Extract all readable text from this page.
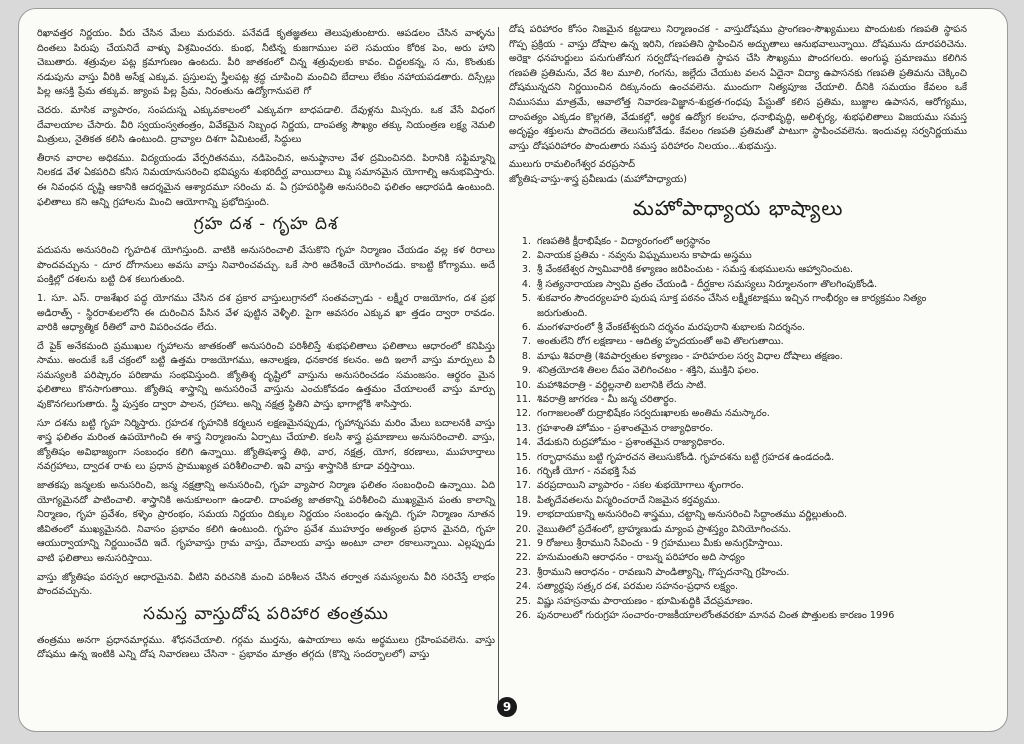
రిఖావత్తర నిర్ణయం. వీరు చేసిన మేలు మరువరు. పనేవడే కృతజ్ఞతలు తెలుపుతుంటారు. ఆపడలం చేసిన వాళ్ళను దింతలు పిరుపు చేయనిదే వాళ్ళు విశ్రమించరు. కుంభ, నీటిన్న కుజగాముల పలె సమయం కోరిక పెం, అరు హాని చెబుతారు. శత్రువుల పట్ల క్రమాగుణం ఉంటదు. పీరి జాతకంలో చిన్న శత్రువులకు కావం. చిద్దలకన్న, స ను, కొంతుకు నడుపును వాస్తు వీరికి అసేక్ష ఎక్కువ. ప్రస్తులప్ప స్త్రీలపట్ల శ్రద్ధ చూపించి మంచిచి బేదాలు లేకుం నహాయపడతారు. దిస్సేల్లు పిల్ల ఆసక్తి ప్రేమ తక్కువ. జ్యాంప పిల్ల ప్రేమ, నిరంతును ఉద్యోగానుపలె గో

చెదరు. మాసిక వ్యాపారం, సంపదుస్న ఎక్కువకాలంలో ఎక్కువగా బాధపడాలి. దేవుళ్లను మిస్సరు. ఒక వేసే విధంగ దేవాలయాల చేసారు. వీరి స్వయంస్వతంత్రం, వివేకమైన నిబ్బంధ నిర్ణయ, దాంపత్య సౌఖ్యం తక్కు నియంత్రణ లక్ష్య నెమలి మిత్రులు, నైతికత కలిసి ఉంటుంది. ద్రావ్యాల దిశగా ఏమిటంటే, సిద్ధులు

తీరాన వారాల అధికము. విద్యయండు వేర్పరితనము, నడిపెంచిన, అనుష్ఠానాల వేళ ద్రమించినది. పిరానికి సఫ్టిమ్మాన్ని నిలకడ వేళ ఏకపరిచి కనీస నిమయానుసరించి భవిష్యను శుభరిదీర్ఘ వాయిదాలు మ్మి సమానమైన యోగాల్ని ఆనుభవిస్తారు. ఈ నివంధన దృష్టి ఆకానికి ఆదర్శమైన ఆశ్యాదమూ సరించు వ. ఏ గ్రహపరిస్థితి అనుసరించి ఫలితం ఆధారపడి ఉంటుంది. ఫలితాలు కని ఆన్ని గ్రహాలను మించి ఆయోగాన్ని ప్రభోదిస్తుంది.

గ్రహ దశ - గృహ దిశ

పదుపను అనుసరించి గృహదిశ యోగిస్తుంది. వాటికి అనుసరించాలి వేసుకొని గృహ నిర్మాణం చేయడం వల్ల కళ రిరాలు పొందవచ్చును - దూర దోగానులు అవసు వాస్తు నివారించవచ్చు. ఒకే సారి ఆదేశించే యోగించడు. కాబట్టి కోగ్యాము. అదే పంక్తిల్లో దశలను బట్టి దిశ కలుగుతుంది.

1. సూ. ఎస్. రాజశేఖర పద్ధ యోగము చేసిన దశ ప్రకార వాస్తులుగ్రానలో సంతవచ్చాడు - లక్ష్మీర రాజయోగం, దశ ప్రభ అడిరాత్ప్ - స్థిరరాశులలోని ఈ దురించిన పేసిన వేళ పుట్టిన వెళ్ళీలి. పైగా ఆవసరం ఎక్కువ ఖా త్తడం ద్వారా రావడం. వారికి ఆధ్యాత్మిక రీతిలో వారి విపరించడం లేదు.

దే పైక్ అనేకమంది ప్రముఖుల గృహాలను జాతకంతో అనుసరించి పరిశీలిస్తే శుభఫలితాలు ఫలితాలు ఆధారంలో కనిపిస్తు సాము. అందుకే ఒకే చక్రంలో బట్టి ఉత్తమ రాజయోగము, ఆనాలక్షణ, ధనకారక కలనం. అది ఇలాగే వాస్తు మార్పులు వీ సమస్యలకి పరిష్కారం పరిణామ సంభవిస్తుంది. జ్యోతిశ్శ దృష్టిలో వాస్తును అనుసరించడం సమంజసం. ఆర్థరం మైన ఫలితాలు కొనసాగుతాయి. జ్యోతిష శాస్త్రాన్ని అనుసరించే వాస్తును ఎంచుకోవడం ఉత్తమం చేయాలంటే వాస్తు మార్పు వుకొనగలుగుతారు. స్త్రీ పుస్తకం ద్వారా పాలన, గ్రహాలు. అన్ని నక్షత్ర స్థితిని పాస్తు భాగాల్లోకి శాసిస్తారు.

సూ దశను బట్టి గృహ నిర్మిస్తారు. గ్రహదశ గృహనికి కర్మలున లక్షణమైనప్పుడు, గృహాన్నసమ మరిం మేలు బదాలనకి వాస్తు శాస్త్ర ఫలితం మరింత ఉపయోగించి ఈ శాస్త్ర నిర్మాణంను ఏర్పాటు చేయాలి. కలసి శాస్త్ర ప్రమాణాలు అనుసరించాలి. వాస్తు, జ్యోతిషం అవిభాజ్యంగా సంబంధం కలిగి ఉన్నాయి. జ్యోతిషశాస్త్ర తిథి, వార, నక్షత్ర, యోగ, కరణాలు, ముహూర్తాలు నవగ్రహాలు, ద్వాదశ రాశు లు ప్రధాన ప్రాముఖ్యత పరిశీలించాలి. ఇవి వాస్తు శాస్త్రానికి కూడా వర్తిస్తాయి.

జాతకపు జన్మలకు అనుసరించి, జన్మ నక్షత్రాన్ని అనుసరించి, గృహ వ్యాపార నిర్మాణ ఫలితం సంబంధించి ఉన్నాయి. ఏది యోగ్యమైనదో పాటించాలి. శాస్త్రానికి అనుకూలంగా ఉండాలి. దాంపత్య జాతకాన్ని పరిశీలించి ముఖ్యమైన పంతు కాలాన్ని నిర్మాణం, గృహ ప్రవేశం, కళ్ళెం ప్రారంభం, సమయ నిర్ణయం దిక్కుల నిర్ణయం సంబంధం ఉన్నది. గృహ నిర్మాణం నూతన జీవితంలో ముఖ్యమైనది. నివాసం ప్రభావం కలిగి ఉంటుంది. గృహం ప్రవేశ ముహూర్తం అత్యంత ప్రధాన మైనది, గృహ ఆయుర్వాయాన్ని నిర్ణయించేది ఇదే. గృహవాస్తు గ్రామ వాస్తు, దేవాలయ వాస్తు అంటూ చాలా రకాలున్నాయి. ఎల్లప్పుడు వాటి ఫలితాలు అనుసరిస్తాయి.

వాస్తు జ్యోతిషం పరస్పర ఆధారమైనవి. వీటిని వరిచనికి మంచి పరిశీలన చేసిన తర్వాత సమస్యలను వీరి సరిచేస్తే లాభం పొందవచ్చును.

సమస్త వాస్తుదోష పరిహార తంత్రము

తంత్రము అనగా ప్రధానమార్గము. శోధనచేయాలి. గర్గమ ముర్తను, ఉపాయాలు అను అర్థములు గ్రహింపవలెను. వాస్తు దోషము ఉన్న ఇంటికి ఎన్ని దోష నివారణలు చేసినా - ప్రభావం మాత్రం తగ్గదు (కొన్ని సందర్భాలలో) వాస్తు

దోష పరిహారం కోసం నిజమైన కట్టడాలు నిర్మాణంచక - వాస్తుదోషము ప్రాంగణం-సౌఖ్యములు పొందుటకు గణపతి స్థాపన గొప్ప ప్రక్రియ - వాస్తు దోషాల ఉన్న ఇరిని, గణపతిని స్థాపించిన అద్భుతాలు ఆనుభవాలున్నాయి. దోషమును దూరపరిచెను. అరెక్షా ధనహుర్జులు పనుగుతోనుగ సర్వదోష-గణపతి స్థాపన చేసి సౌఖ్యము పొందగలరు. అంగుష్ఠ ప్రమాణము కలిగిన గణపతి ప్రతిమను, వేద శిల మూలి, గంగను, జల్లేదు చేయుట వలన ఏదైనా విద్యా ఉపాసనకు గణపతి ప్రతిమను చెక్కించి దోషమున్నదని నిర్ణయించిన దిక్కునందు ఉంచవలెను. ముందుగా నిత్యపూజ చేయాలి. దీనికి సమయం కేవలం ఒకే నిముసము మాత్రమే, ఆవాలోత్త నివారణ-విజ్ఞాన-శుభ్రత-గంధపు పేస్టుతో కలిస ప్రతిమ, బుజ్జాల ఉపాసన, ఆరోగ్యము, దాంపత్యం ఎక్కడం కొల్లగతి, వేడుకల్లో, ఆర్థిక ఉద్యోగ కలహం, ధనాభివృద్ధి, అలిశ్చర్య, శుభఫలితాలు విజయము సమస్త అదృష్టం శక్తులను పొందెదరు తెలుసుకోవేడు. కేవలం గణపతి ప్రతిమతో పాటుగా స్థాపించవలెను. ఇందువల్ల సర్వనిర్ణయము వాస్తు దోషపరిహారం పొందుతారు సమస్త పరిహారం నిలయం...శుభమస్తు.

ములుగు రామలింగేశ్వర వరప్రసాద్

జ్యోతిష-వాస్తు-శాస్త్ర ప్రవీణుడు (మహోపాధ్యాయ)

మహోపాధ్యాయ భాష్యాలు
1. గణపతికి క్షీరాభిషేకం - విద్యారంగంలో అగ్రస్థానం
2. వినాయక ప్రతిమ - నవ్వను విఘ్నములను కాపాడు అస్త్రము
3. శ్రీ వేంకటేశ్వర స్వామివారికి కళ్యాణం జరిపించుట - సమస్త శుభములను ఆహ్వానించుట.
4. శ్రీ సత్యనారాయణ స్వామి వ్రతం చేయండి - దీర్ఘకాల సమస్యలు నిర్మూలనంగా తొలగింపుకోండి.
5. శుకవారం సౌందర్యలహరి పురుష సూక్త పఠనం చేసిన లక్ష్మీకటాక్షము ఇచ్చిన గాంభీర్యం ఆ కార్యక్రమం నిత్యం జరుగుతుంది.
6. మంగళవారంలో శ్రీ వేంకటేశ్వరుని దర్శనం మరపురాని శుభాలకు నిదర్శనం.
7. అంతులేని రోగ లక్షణాలు - ఆదిత్య హృదయంతో అవి తొలగుతాయి.
8. మాఘ శివరాత్రి (శివపార్వతుల కళ్యాణం - హరిహరుల సర్వ విధాల దోషాలు తక్షణం.
9. శనిత్రయోదశి తిలల దీపం వెలిగించటం - శక్తిని, ముక్తిని ఫలం.
10. మహాశివరాత్రి - వర్ధిల్లనాలి బలానికి లేదు సాటి.
11. శివరాత్రి జాగరణ - మీ జన్మ చరితార్థం.
12. గంగాజలంతో రుద్రాభిషేకం సర్వదుఃఖాలకు అంతిమ నమస్కారం.
13. గ్రహశాంతి హోమం - ప్రశాంతమైన రాజ్యాధికారం.
14. వేడుకుని రుద్రహోమం - ప్రశాంతమైన రాజ్యాధికారం.
15. గర్భాధానము బట్టి గృహరచన తెలుసుకోండి. గృహదశను బట్టి గ్రహదశ ఉండదండి.
16. గర్భిణీ యోగ - నవభక్తి సేవ
17. వరప్రదాయిని వ్యాపారం - సకల శుభయోగాలు శృంగారం.
18. పితృదేవతలను విస్మరించరాదే నిజమైన కర్తవ్యము.
19. లాభదాయకాన్ని అనుసరించి శాస్త్రము, చట్టాన్ని అనుసరించి సిద్ధాంతము వర్ణిల్లుతుంది.
20. నైఋతిలో ప్రదేశంలో, బ్రాహ్మణుడు మ్యాంప ప్రాశస్త్యం వినియోగించను.
21. 9 రోజులు శ్రీరాముని సేవించు - 9 గ్రహములు మీకు అనుగ్రహిస్తాయి.
22. హనుమంతుని ఆరాధనం - రాబన్న పరిహారం అది సాధ్యం
23. శ్రీరాముని ఆరాధనం - రావణుని పాండిత్యాన్ని, గొప్పదనాన్ని గ్రహించు.
24. సత్యార్థపు సత్ర్కర దశ, పరమల సహనం-ప్రధాన లక్ష్యం.
25. విష్ణు సహస్రనామ పారాయణం - భూమిశుద్ధికి వేదప్రమాణం.
26. పునరాలులో గురుగ్రహ సంచారం-రాజకీయాలలోంతవరకూ మానవ చింత పొత్తులకు కారణం 1996
9
